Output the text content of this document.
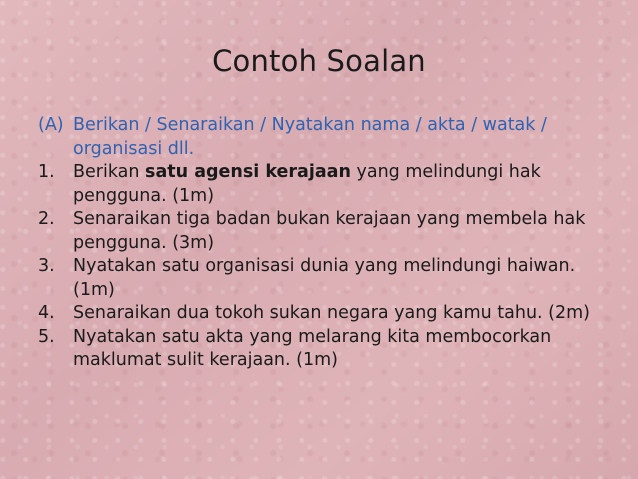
Contoh Soalan
(A) Berikan / Senaraikan / Nyatakan nama / akta / watak / organisasi dll.
1. Berikan satu agensi kerajaan yang melindungi hak pengguna. (1m)
2. Senaraikan tiga badan bukan kerajaan yang membela hak pengguna. (3m)
3. Nyatakan satu organisasi dunia yang melindungi haiwan. (1m)
4. Senaraikan dua tokoh sukan negara yang kamu tahu. (2m)
5. Nyatakan satu akta yang melarang kita membocorkan maklumat sulit kerajaan. (1m)
